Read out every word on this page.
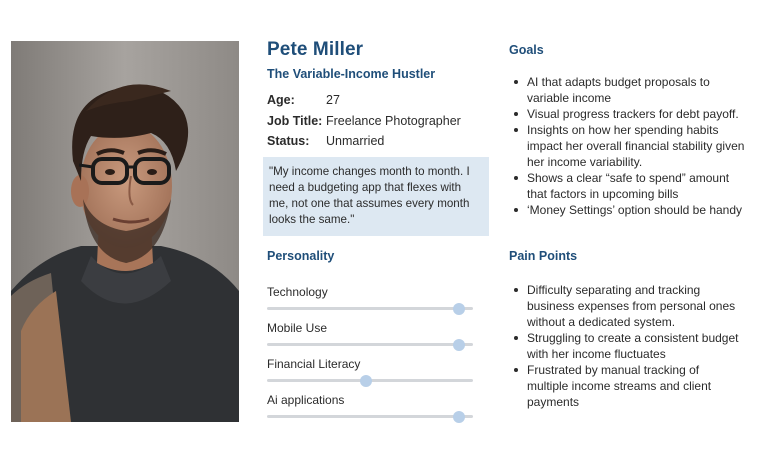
Pete Miller
The Variable-Income Hustler
Age: 27
Job Title: Freelance Photographer
Status: Unmarried
"My income changes month to month. I need a budgeting app that flexes with me, not one that assumes every month looks the same."
Personality
Technology
Mobile Use
Financial Literacy
Ai applications
Goals
AI that adapts budget proposals to variable income
Visual progress trackers for debt payoff.
Insights on how her spending habits impact her overall financial stability given her income variability.
Shows a clear “safe to spend” amount that factors in upcoming bills
‘Money Settings’ option should be handy
Pain Points
Difficulty separating and tracking business expenses from personal ones without a dedicated system.
Struggling to create a consistent budget with her income fluctuates
Frustrated by manual tracking of multiple income streams and client payments
